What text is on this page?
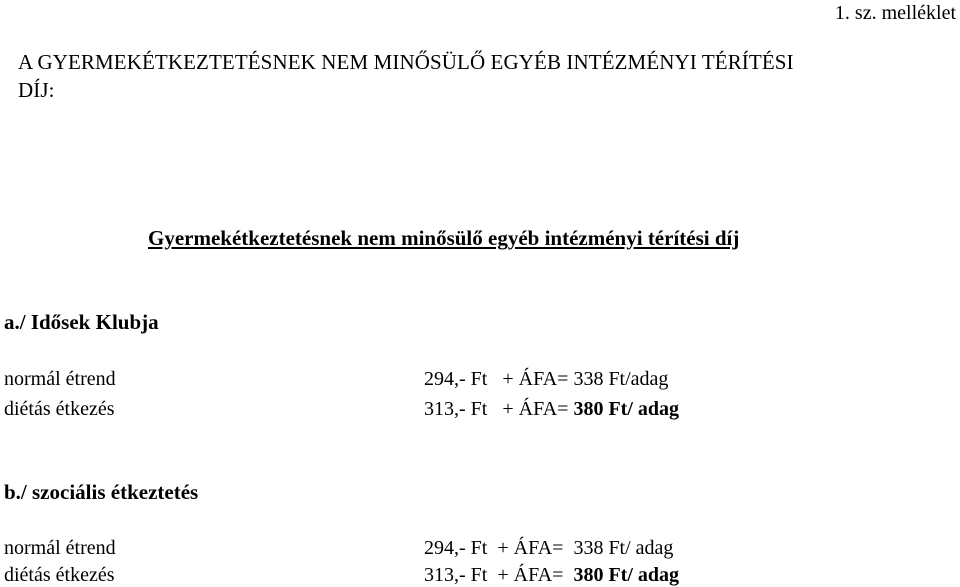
1. sz. melléklet
A GYERMEKÉTKEZTETÉSNEK NEM MINŐSÜLŐ EGYÉB INTÉZMÉNYI TÉRÍTÉSI
DÍJ:
Gyermekétkeztetésnek nem minősülő egyéb intézményi térítési díj
a./ Idősek Klubja
normál étrend	294,- Ft + ÁFA= 338 Ft/adag
diétás étkezés	313,- Ft + ÁFA= 380 Ft/ adag
b./ szociális étkeztetés
normál étrend	294,- Ft + ÁFA= 338 Ft/ adag
diétás étkezés	313,- Ft + ÁFA= 380 Ft/ adag
